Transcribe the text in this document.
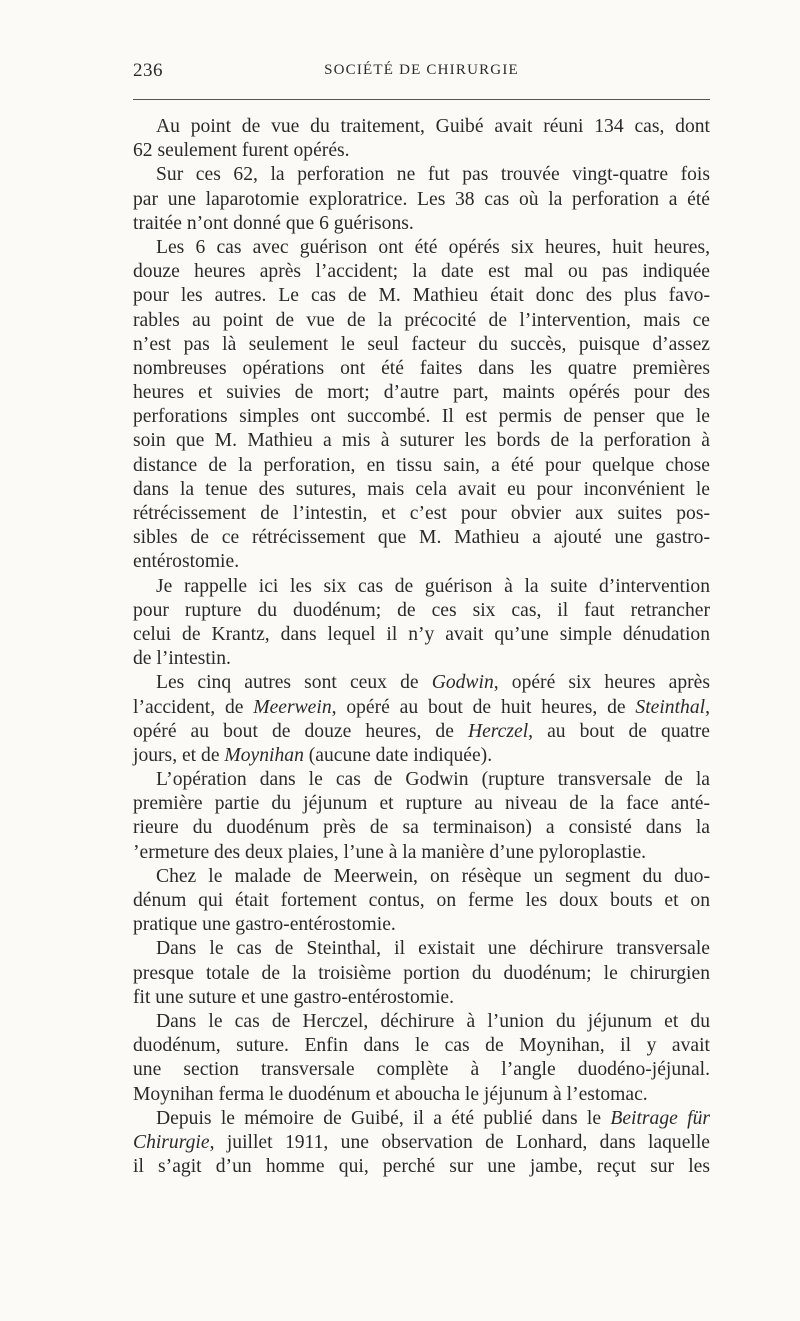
236	SOCIÉTÉ DE CHIRURGIE
Au point de vue du traitement, Guibé avait réuni 134 cas, dont
62 seulement furent opérés.
Sur ces 62, la perforation ne fut pas trouvée vingt-quatre fois
par une laparotomie exploratrice. Les 38 cas où la perforation a été
traitée n’ont donné que 6 guérisons.
Les 6 cas avec guérison ont été opérés six heures, huit heures,
douze heures après l’accident; la date est mal ou pas indiquée
pour les autres. Le cas de M. Mathieu était donc des plus favo-
rables au point de vue de la précocité de l’intervention, mais ce
n’est pas là seulement le seul facteur du succès, puisque d’assez
nombreuses opérations ont été faites dans les quatre premières
heures et suivies de mort; d’autre part, maints opérés pour des
perforations simples ont succombé. Il est permis de penser que le
soin que M. Mathieu a mis à suturer les bords de la perforation à
distance de la perforation, en tissu sain, a été pour quelque chose
dans la tenue des sutures, mais cela avait eu pour inconvénient le
rétrécissement de l’intestin, et c’est pour obvier aux suites pos-
sibles de ce rétrécissement que M. Mathieu a ajouté une gastro-
entérostomie.
Je rappelle ici les six cas de guérison à la suite d’intervention
pour rupture du duodénum; de ces six cas, il faut retrancher
celui de Krantz, dans lequel il n’y avait qu’une simple dénudation
de l’intestin.
Les cinq autres sont ceux de Godwin, opéré six heures après
l’accident, de Meerwein, opéré au bout de huit heures, de Steinthal,
opéré au bout de douze heures, de Herczel, au bout de quatre
jours, et de Moynihan (aucune date indiquée).
L’opération dans le cas de Godwin (rupture transversale de la
première partie du jéjunum et rupture au niveau de la face anté-
rieure du duodénum près de sa terminaison) a consisté dans la
’ermeture des deux plaies, l’une à la manière d’une pyloroplastie.
Chez le malade de Meerwein, on résèque un segment du duo-
dénum qui était fortement contus, on ferme les doux bouts et on
pratique une gastro-entérostomie.
Dans le cas de Steinthal, il existait une déchirure transversale
presque totale de la troisième portion du duodénum; le chirurgien
fit une suture et une gastro-entérostomie.
Dans le cas de Herczel, déchirure à l’union du jéjunum et du
duodénum, suture. Enfin dans le cas de Moynihan, il y avait
une section transversale complète à l’angle duodéno-jéjunal.
Moynihan ferma le duodénum et aboucha le jéjunum à l’estomac.
Depuis le mémoire de Guibé, il a été publié dans le Beitrage für
Chirurgie, juillet 1911, une observation de Lonhard, dans laquelle
il s’agit d’un homme qui, perché sur une jambe, reçut sur les
